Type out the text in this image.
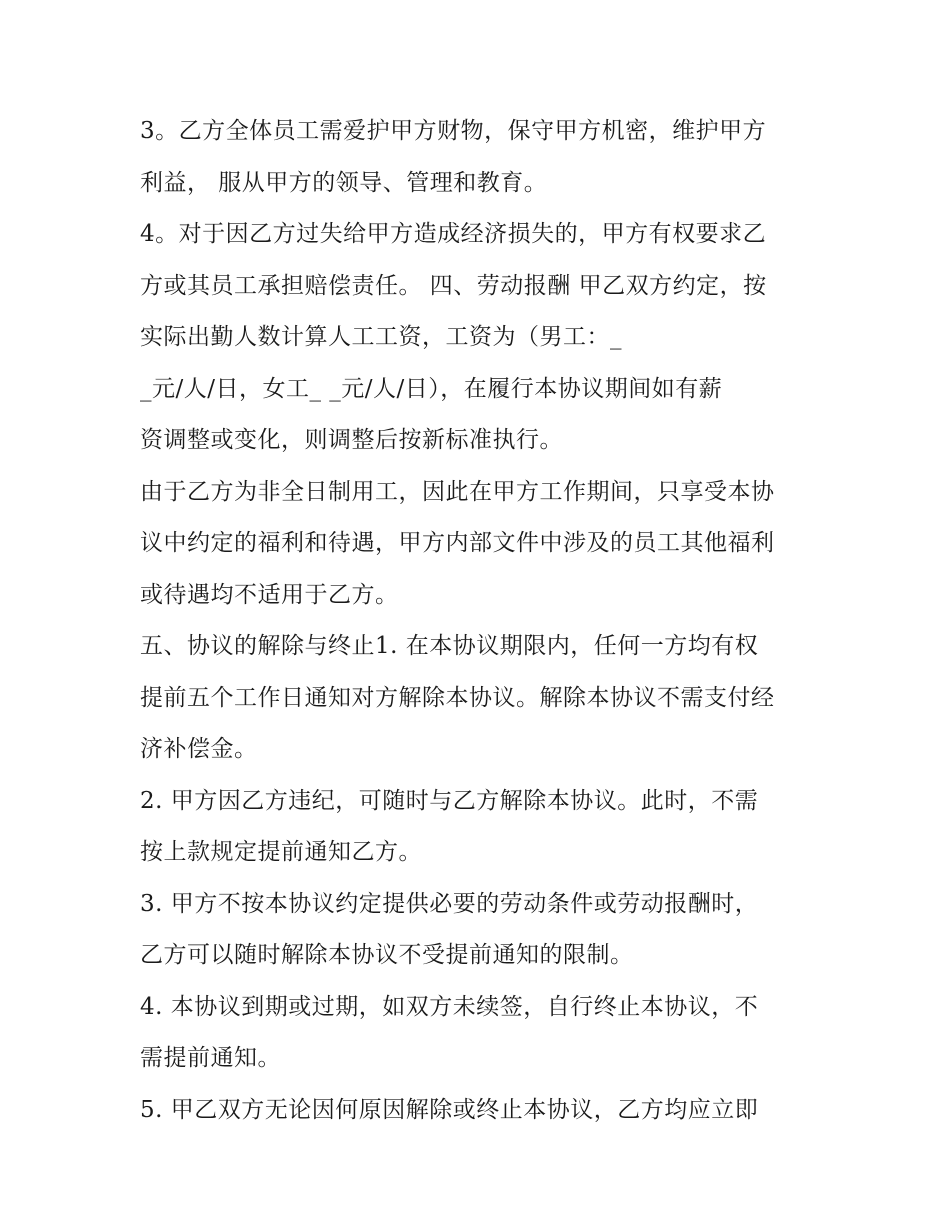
3。乙方全体员工需爱护甲方财物，保守甲方机密，维护甲方
利益， 服从甲方的领导、管理和教育。
4。对于因乙方过失给甲方造成经济损失的，甲方有权要求乙
方或其员工承担赔偿责任。 四、劳动报酬 甲乙双方约定，按
实际出勤人数计算人工工资，工资为（男工：_
_元/人/日，女工_ _元/人/日），在履行本协议期间如有薪
资调整或变化，则调整后按新标准执行。
由于乙方为非全日制用工，因此在甲方工作期间，只享受本协
议中约定的福利和待遇，甲方内部文件中涉及的员工其他福利
或待遇均不适用于乙方。
五、协议的解除与终止1. 在本协议期限内，任何一方均有权
提前五个工作日通知对方解除本协议。解除本协议不需支付经
济补偿金。
2. 甲方因乙方违纪，可随时与乙方解除本协议。此时，不需
按上款规定提前通知乙方。
3. 甲方不按本协议约定提供必要的劳动条件或劳动报酬时，
乙方可以随时解除本协议不受提前通知的限制。
4. 本协议到期或过期，如双方未续签，自行终止本协议，不
需提前通知。
5. 甲乙双方无论因何原因解除或终止本协议，乙方均应立即
